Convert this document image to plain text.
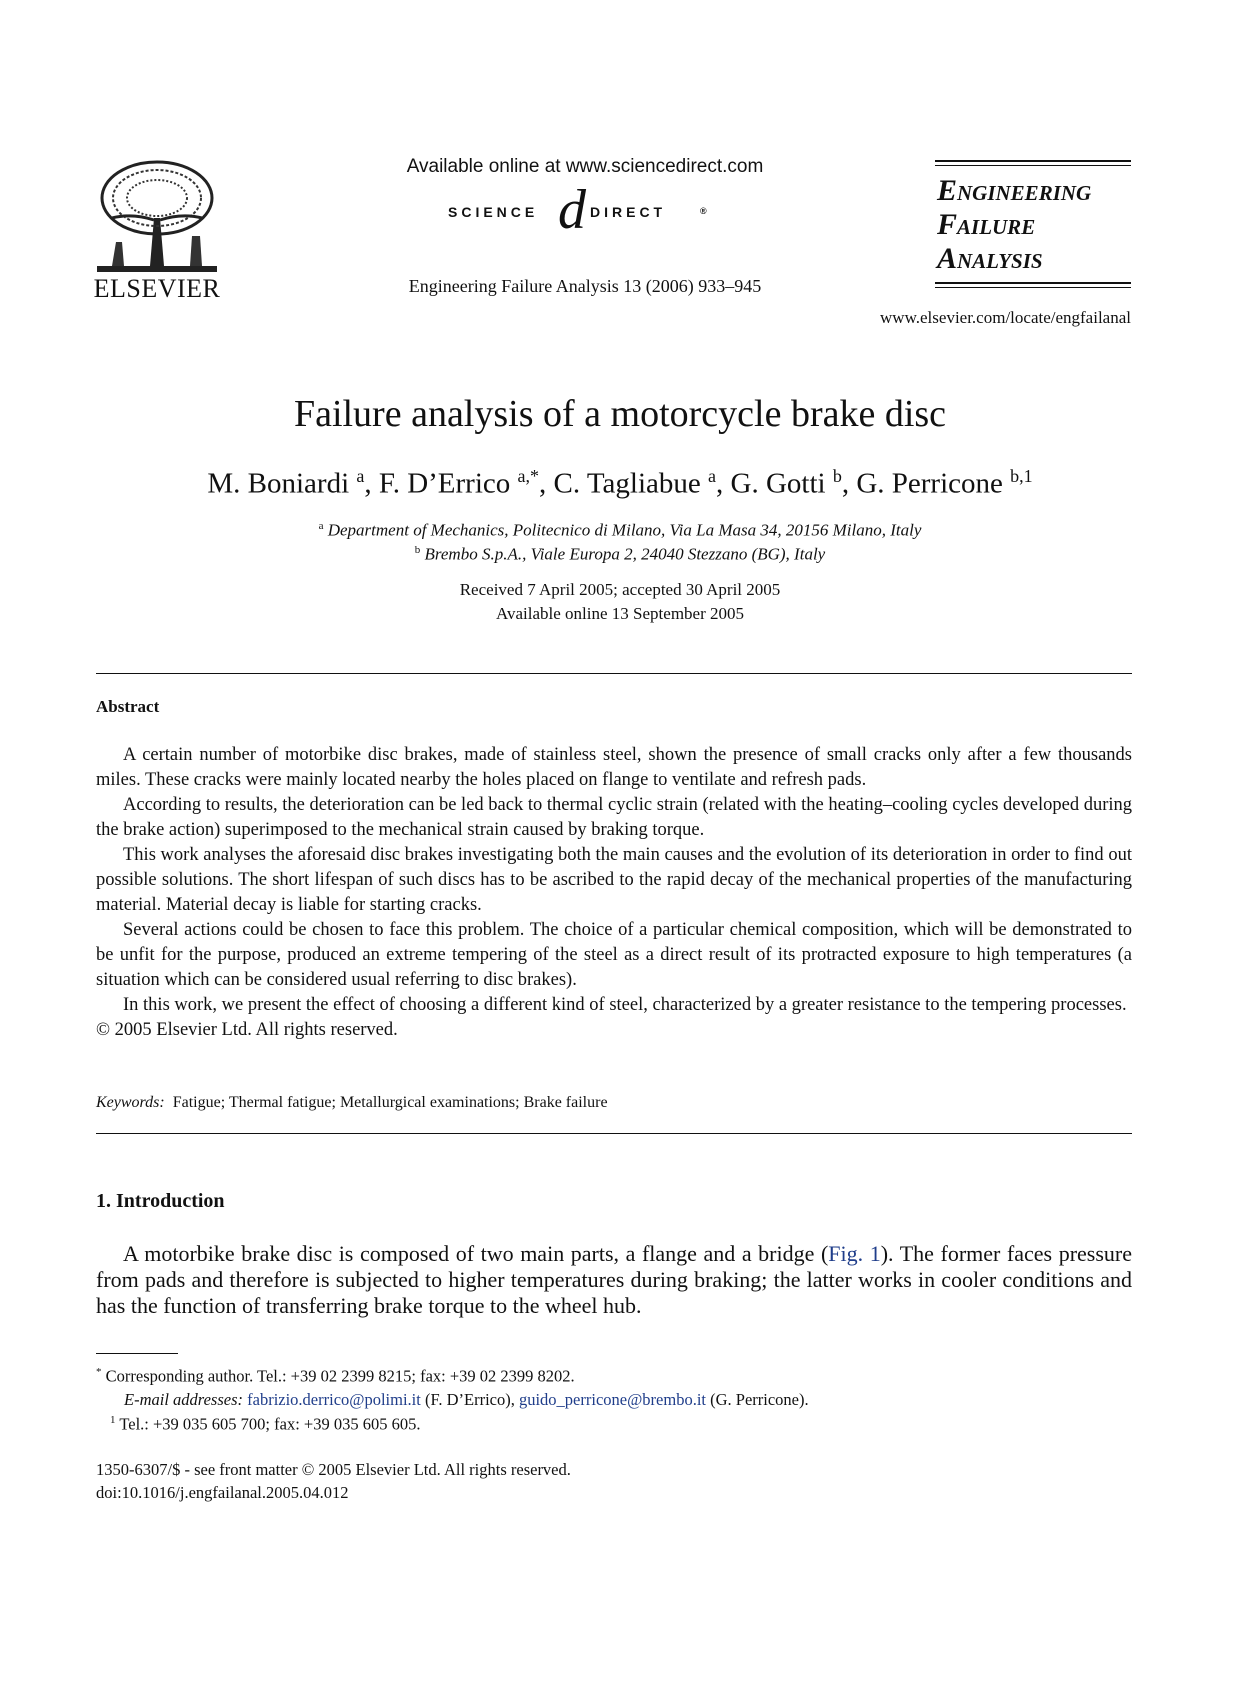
ELSEVIER
Available online at www.sciencedirect.com
SCIENCE d DIRECT	®
Engineering Failure Analysis 13 (2006) 933–945
Engineering
Failure
Analysis
www.elsevier.com/locate/engfailanal
Failure analysis of a motorcycle brake disc
M. Boniardi $^a$, F. D’Errico $^{a,*}$, C. Tagliabue $^a$, G. Gotti $^b$, G. Perricone $^{b,1}$
$^a$ Department of Mechanics, Politecnico di Milano, Via La Masa 34, 20156 Milano, Italy
$^b$ Brembo S.p.A., Viale Europa 2, 24040 Stezzano (BG), Italy
Received 7 April 2005; accepted 30 April 2005
Available online 13 September 2005
Abstract

A certain number of motorbike disc brakes, made of stainless steel, shown the presence of small cracks only after a few thousands miles. These cracks were mainly located nearby the holes placed on flange to ventilate and refresh pads.

According to results, the deterioration can be led back to thermal cyclic strain (related with the heating–cooling cycles developed during the brake action) superimposed to the mechanical strain caused by braking torque.

This work analyses the aforesaid disc brakes investigating both the main causes and the evolution of its deterioration in order to find out possible solutions. The short lifespan of such discs has to be ascribed to the rapid decay of the mechanical properties of the manufacturing material. Material decay is liable for starting cracks.

Several actions could be chosen to face this problem. The choice of a particular chemical composition, which will be demonstrated to be unfit for the purpose, produced an extreme tempering of the steel as a direct result of its protracted exposure to high temperatures (a situation which can be considered usual referring to disc brakes).

In this work, we present the effect of choosing a different kind of steel, characterized by a greater resistance to the tempering processes.

© 2005 Elsevier Ltd. All rights reserved.

Keywords: Fatigue; Thermal fatigue; Metallurgical examinations; Brake failure
1. Introduction

A motorbike brake disc is composed of two main parts, a flange and a bridge (Fig. 1). The former faces pressure from pads and therefore is subjected to higher temperatures during braking; the latter works in cooler conditions and has the function of transferring brake torque to the wheel hub.

* Corresponding author. Tel.: +39 02 2399 8215; fax: +39 02 2399 8202.
E-mail addresses: fabrizio.derrico@polimi.it (F. D’Errico), guido_perricone@brembo.it (G. Perricone).
$^1$ Tel.: +39 035 605 700; fax: +39 035 605 605.
1350-6307/$ - see front matter © 2005 Elsevier Ltd. All rights reserved.
doi:10.1016/j.engfailanal.2005.04.012
